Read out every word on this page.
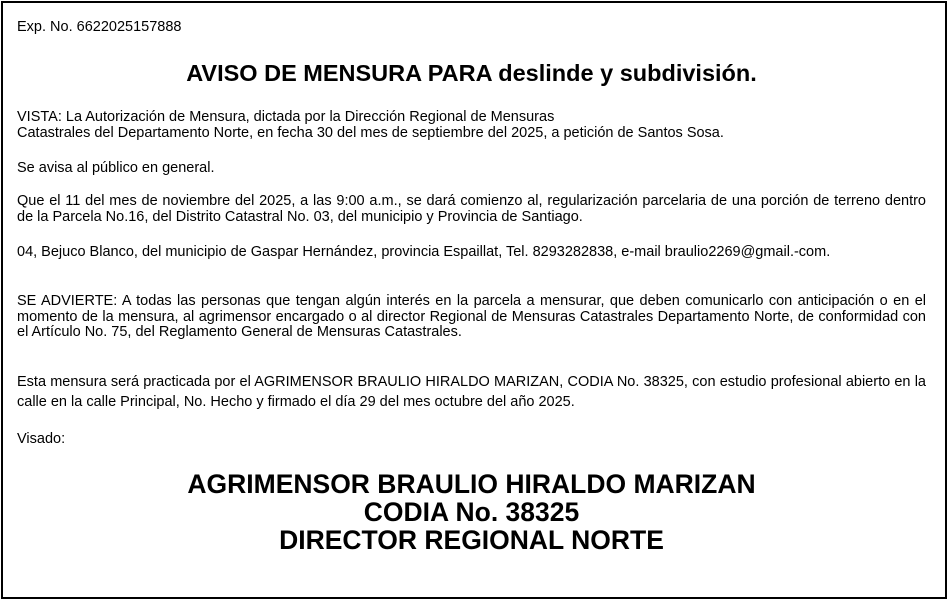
Exp. No. 6622025157888

AVISO DE MENSURA PARA deslinde y subdivisión.

VISTA: La Autorización de Mensura, dictada por la Dirección Regional de Mensuras
Catastrales del Departamento Norte, en fecha 30 del mes de septiembre del 2025, a petición de Santos Sosa.

Se avisa al público en general.

Que el 11 del mes de noviembre del 2025, a las 9:00 a.m., se dará comienzo al, regularización parcelaria de una porción de terreno dentro de la Parcela No.16, del Distrito Catastral No. 03, del municipio y Provincia de Santiago.

04, Bejuco Blanco, del municipio de Gaspar Hernández, provincia Espaillat, Tel. 8293282838, e-mail braulio2269@gmail.-com.

SE ADVIERTE: A todas las personas que tengan algún interés en la parcela a mensurar, que deben comunicarlo con anticipación o en el momento de la mensura, al agrimensor encargado o al director Regional de Mensuras Catastrales Departamento Norte, de conformidad con el Artículo No. 75, del Reglamento General de Mensuras Catastrales.

Esta mensura será practicada por el AGRIMENSOR BRAULIO HIRALDO MARIZAN, CODIA No. 38325, con estudio profesional abierto en la calle en la calle Principal, No. Hecho y firmado el día 29 del mes octubre del año 2025.

Visado:

AGRIMENSOR BRAULIO HIRALDO MARIZAN
CODIA No. 38325
DIRECTOR REGIONAL NORTE
